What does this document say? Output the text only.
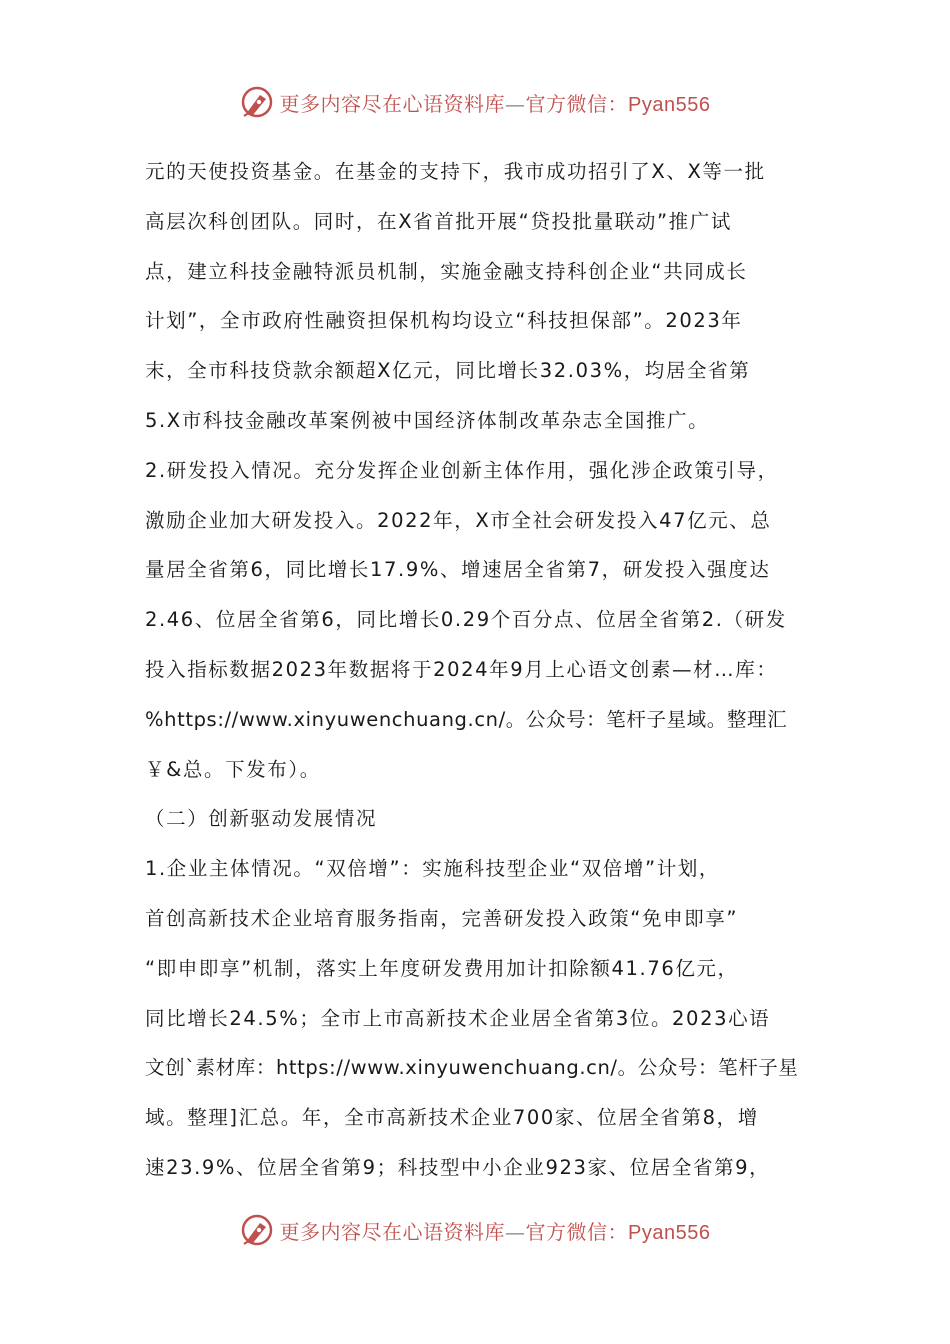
更多内容尽在心语资料库—官方微信：Pyan556
元的天使投资基金。在基金的支持下，我市成功招引了X、X等一批
高层次科创团队。同时，在X省首批开展“贷投批量联动”推广试
点，建立科技金融特派员机制，实施金融支持科创企业“共同成长
计划”，全市政府性融资担保机构均设立“科技担保部”。2023年
末，全市科技贷款余额超X亿元，同比增长32.03%，均居全省第
5.X市科技金融改革案例被中国经济体制改革杂志全国推广。
2.研发投入情况。充分发挥企业创新主体作用，强化涉企政策引导，
激励企业加大研发投入。2022年，X市全社会研发投入47亿元、总
量居全省第6，同比增长17.9%、增速居全省第7，研发投入强度达
2.46、位居全省第6，同比增长0.29个百分点、位居全省第2.（研发
投入指标数据2023年数据将于2024年9月上心语文创素—材…库：
%https://www.xinyuwenchuang.cn/。公众号：笔杆子星域。整理汇
￥&总。下发布）。
（二）创新驱动发展情况
1.企业主体情况。“双倍增”：实施科技型企业“双倍增”计划，
首创高新技术企业培育服务指南，完善研发投入政策“免申即享”
“即申即享”机制，落实上年度研发费用加计扣除额41.76亿元，
同比增长24.5%；全市上市高新技术企业居全省第3位。2023心语
文创`素材库：https://www.xinyuwenchuang.cn/。公众号：笔杆子星
域。整理]汇总。年，全市高新技术企业700家、位居全省第8，增
速23.9%、位居全省第9；科技型中小企业923家、位居全省第9，
更多内容尽在心语资料库—官方微信：Pyan556
